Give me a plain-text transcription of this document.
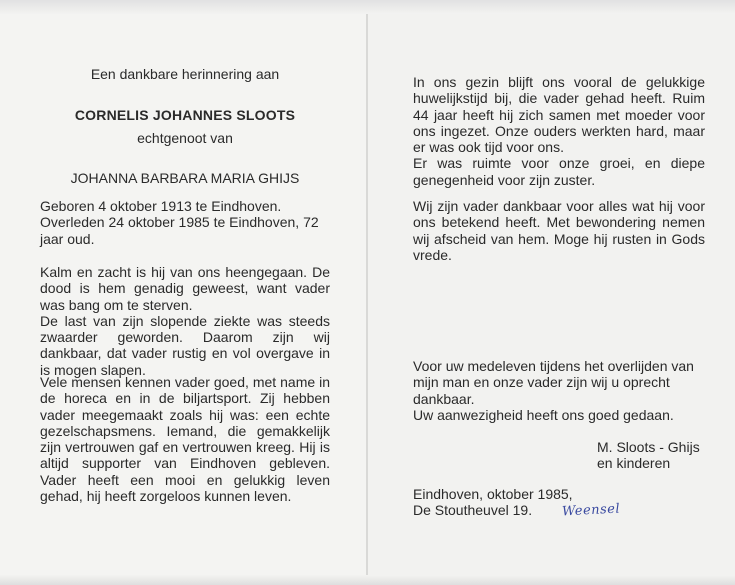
Een dankbare herinnering aan
CORNELIS JOHANNES SLOOTS
echtgenoot van
JOHANNA BARBARA MARIA GHIJS

Geboren 4 oktober 1913 te Eindhoven.

Overleden 24 oktober 1985 te Eindhoven, 72 jaar oud.

Kalm en zacht is hij van ons heengegaan. De dood is hem genadig geweest, want vader was bang om te sterven.

De last van zijn slopende ziekte was steeds zwaarder geworden. Daarom zijn wij dankbaar, dat vader rustig en vol overgave in is mogen slapen.

Vele mensen kennen vader goed, met name in de horeca en in de biljartsport. Zij hebben vader meegemaakt zoals hij was: een echte gezelschapsmens. Iemand, die gemakkelijk zijn vertrouwen gaf en vertrouwen kreeg. Hij is altijd supporter van Eindhoven gebleven. Vader heeft een mooi en gelukkig leven gehad, hij heeft zorgeloos kunnen leven.

In ons gezin blijft ons vooral de gelukkige huwelijkstijd bij, die vader gehad heeft. Ruim 44 jaar heeft hij zich samen met moeder voor ons ingezet. Onze ouders werkten hard, maar er was ook tijd voor ons.

Er was ruimte voor onze groei, en diepe genegenheid voor zijn zuster.

Wij zijn vader dankbaar voor alles wat hij voor ons betekend heeft. Met bewondering nemen wij afscheid van hem. Moge hij rusten in Gods vrede.

Voor uw medeleven tijdens het overlijden van mijn man en onze vader zijn wij u oprecht dankbaar.

Uw aanwezigheid heeft ons goed gedaan.

M. Sloots - Ghijs

en kinderen

Eindhoven, oktober 1985,

De Stoutheuvel 19.	Weensel
